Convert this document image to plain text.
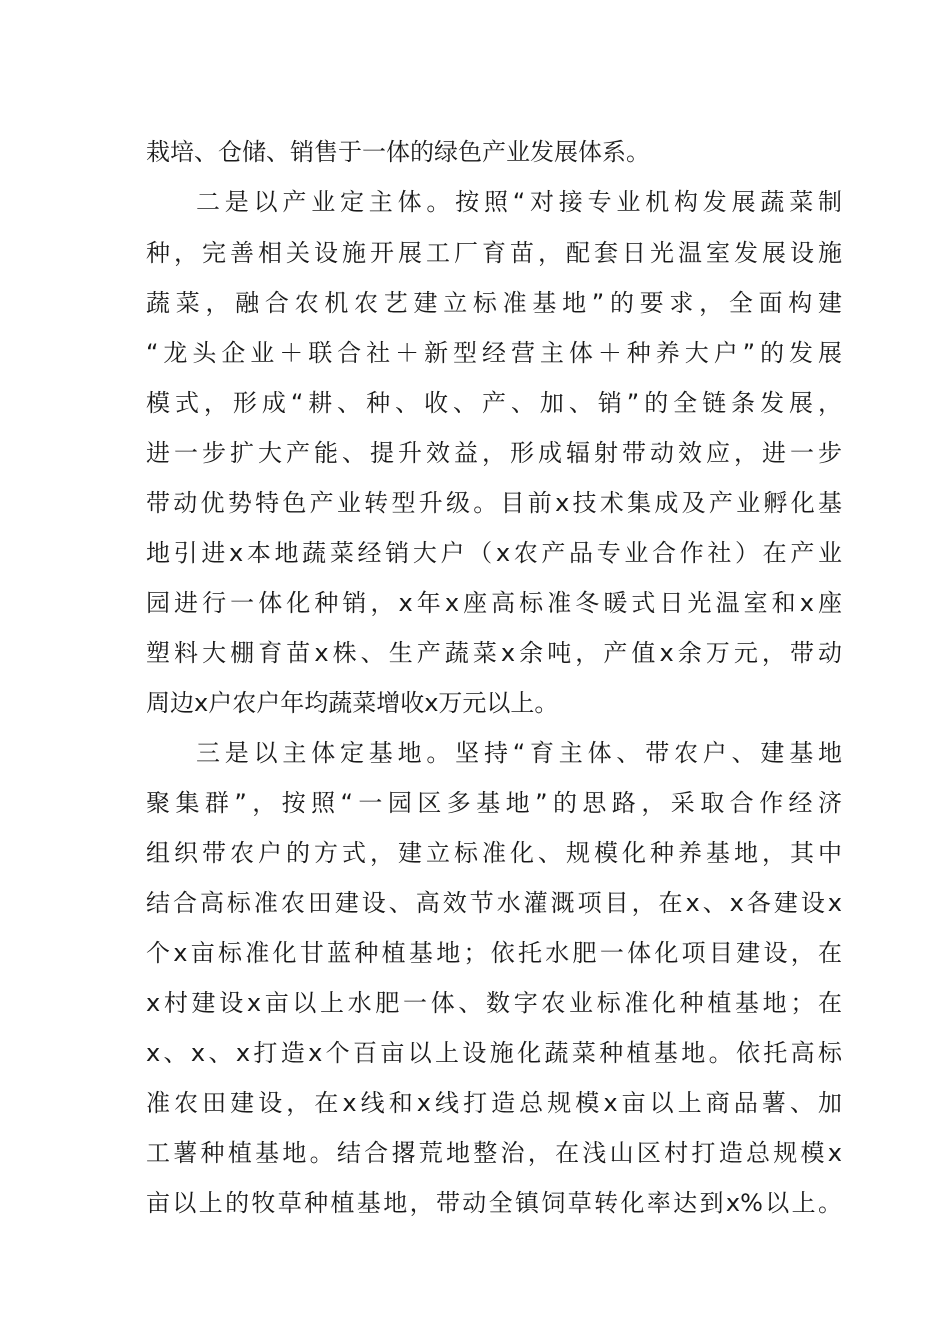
栽培、仓储、销售于一体的绿色产业发展体系。
二是以产业定主体。按照“对接专业机构发展蔬菜制
种，完善相关设施开展工厂育苗，配套日光温室发展设施
蔬菜，融合农机农艺建立标准基地”的要求，全面构建
“龙头企业＋联合社＋新型经营主体＋种养大户”的发展
模式，形成“耕、种、收、产、加、销”的全链条发展，
进一步扩大产能、提升效益，形成辐射带动效应，进一步
带动优势特色产业转型升级。目前x技术集成及产业孵化基
地引进x本地蔬菜经销大户（x农产品专业合作社）在产业
园进行一体化种销，x年x座高标准冬暖式日光温室和x座
塑料大棚育苗x株、生产蔬菜x余吨，产值x余万元，带动
周边x户农户年均蔬菜增收x万元以上。
三是以主体定基地。坚持“育主体、带农户、建基地
聚集群”，按照“一园区多基地”的思路，采取合作经济
组织带农户的方式，建立标准化、规模化种养基地，其中
结合高标准农田建设、高效节水灌溉项目，在x、x各建设x
个x亩标准化甘蓝种植基地；依托水肥一体化项目建设，在
x村建设x亩以上水肥一体、数字农业标准化种植基地；在
x、x、x打造x个百亩以上设施化蔬菜种植基地。依托高标
准农田建设，在x线和x线打造总规模x亩以上商品薯、加
工薯种植基地。结合撂荒地整治，在浅山区村打造总规模x
亩以上的牧草种植基地，带动全镇饲草转化率达到x%以上。
